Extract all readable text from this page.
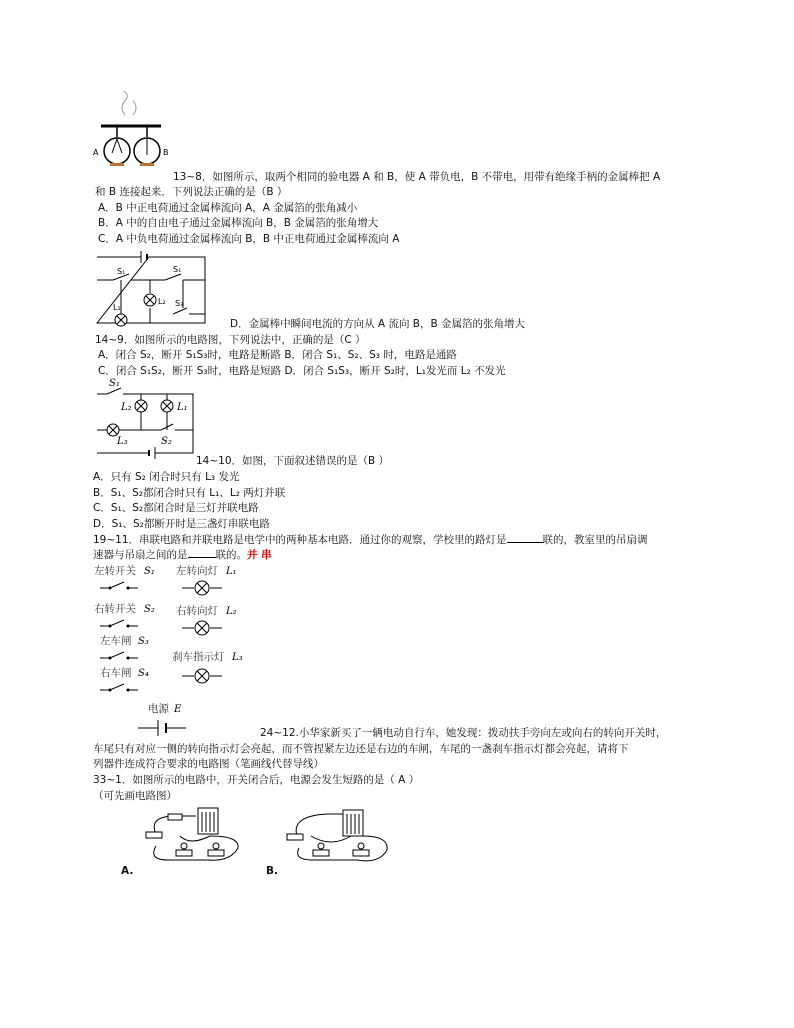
A	B
13~8．如图所示，取两个相同的验电器 A 和 B，使 A 带负电，B 不带电，用带有绝缘手柄的金属棒把 A
和 B 连接起来．下列说法正确的是（B ）
A．B 中正电荷通过金属棒流向 A，A 金属箔的张角减小
B．A 中的自由电子通过金属棒流向 B，B 金属箔的张角增大
C．A 中负电荷通过金属棒流向 B，B 中正电荷通过金属棒流向 A
S₁	S₁
L₁
L₂ S₃
D．金属棒中瞬间电流的方向从 A 流向 B，B 金属箔的张角增大
14~9．如图所示的电路图，下列说法中，正确的是（C ）
A．闭合 S₂，断开 S₁S₃时，电路是断路 B．闭合 S₁、S₂、S₃ 时，电路是通路
C．闭合 S₁S₂，断开 S₃时，电路是短路 D．闭合 S₁S₃，断开 S₂时，L₁发光而 L₂ 不发光
S₁
L₁
L₂
L₃	S₂
14~10．如图，下面叙述错误的是（B ）
A．只有 S₂ 闭合时只有 L₃ 发光
B．S₁、S₂都闭合时只有 L₁、L₂ 两灯并联
C．S₁、S₂都闭合时是三灯并联电路
D．S₁、S₂都断开时是三盏灯串联电路
19~11．串联电路和并联电路是电学中的两种基本电路．通过你的观察，学校里的路灯是	联的，教室里的吊扇调
速器与吊扇之间的是	联的。并 串
左转开关 S₁ 左转向灯 L₁
右转开关 S₂ 右转向灯 L₂
左车闸 S₃
刹车指示灯 L₃
右车闸 S₄
电源 E
24~12.小华家新买了一辆电动自行车，她发现：拨动扶手旁向左或向右的转向开关时，
车尾只有对应一侧的转向指示灯会亮起，而不管捏紧左边还是右边的车闸，车尾的一盏刹车指示灯都会亮起，请将下
列器件连成符合要求的电路图（笔画线代替导线）
33~1．如图所示的电路中，开关闭合后，电源会发生短路的是（ A ）
（可先画电路图）
A.	B.
